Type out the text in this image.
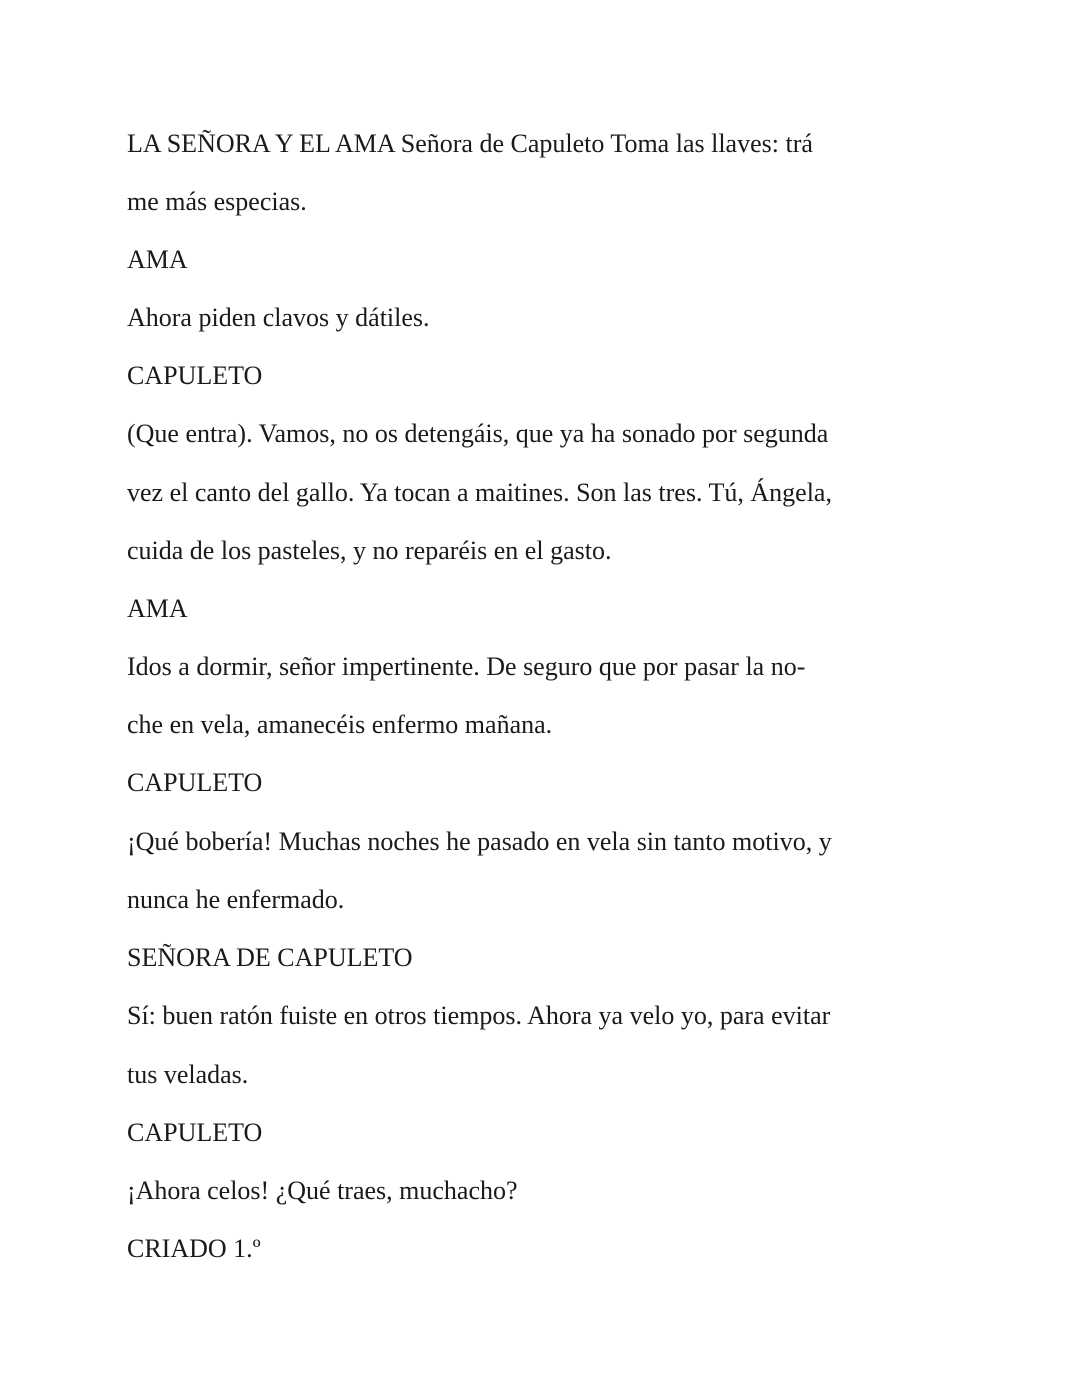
LA SEÑORA Y EL AMA Señora de Capuleto Toma las llaves: trá

me más especias.

AMA

Ahora piden clavos y dátiles.

CAPULETO

(Que entra). Vamos, no os detengáis, que ya ha sonado por segunda

vez el canto del gallo. Ya tocan a maitines. Son las tres. Tú, Ángela,

cuida de los pasteles, y no reparéis en el gasto.

AMA

Idos a dormir, señor impertinente. De seguro que por pasar la no-

che en vela, amanecéis enfermo mañana.

CAPULETO

¡Qué bobería! Muchas noches he pasado en vela sin tanto motivo, y

nunca he enfermado.

SEÑORA DE CAPULETO

Sí: buen ratón fuiste en otros tiempos. Ahora ya velo yo, para evitar

tus veladas.

CAPULETO

¡Ahora celos! ¿Qué traes, muchacho?

CRIADO 1.º
